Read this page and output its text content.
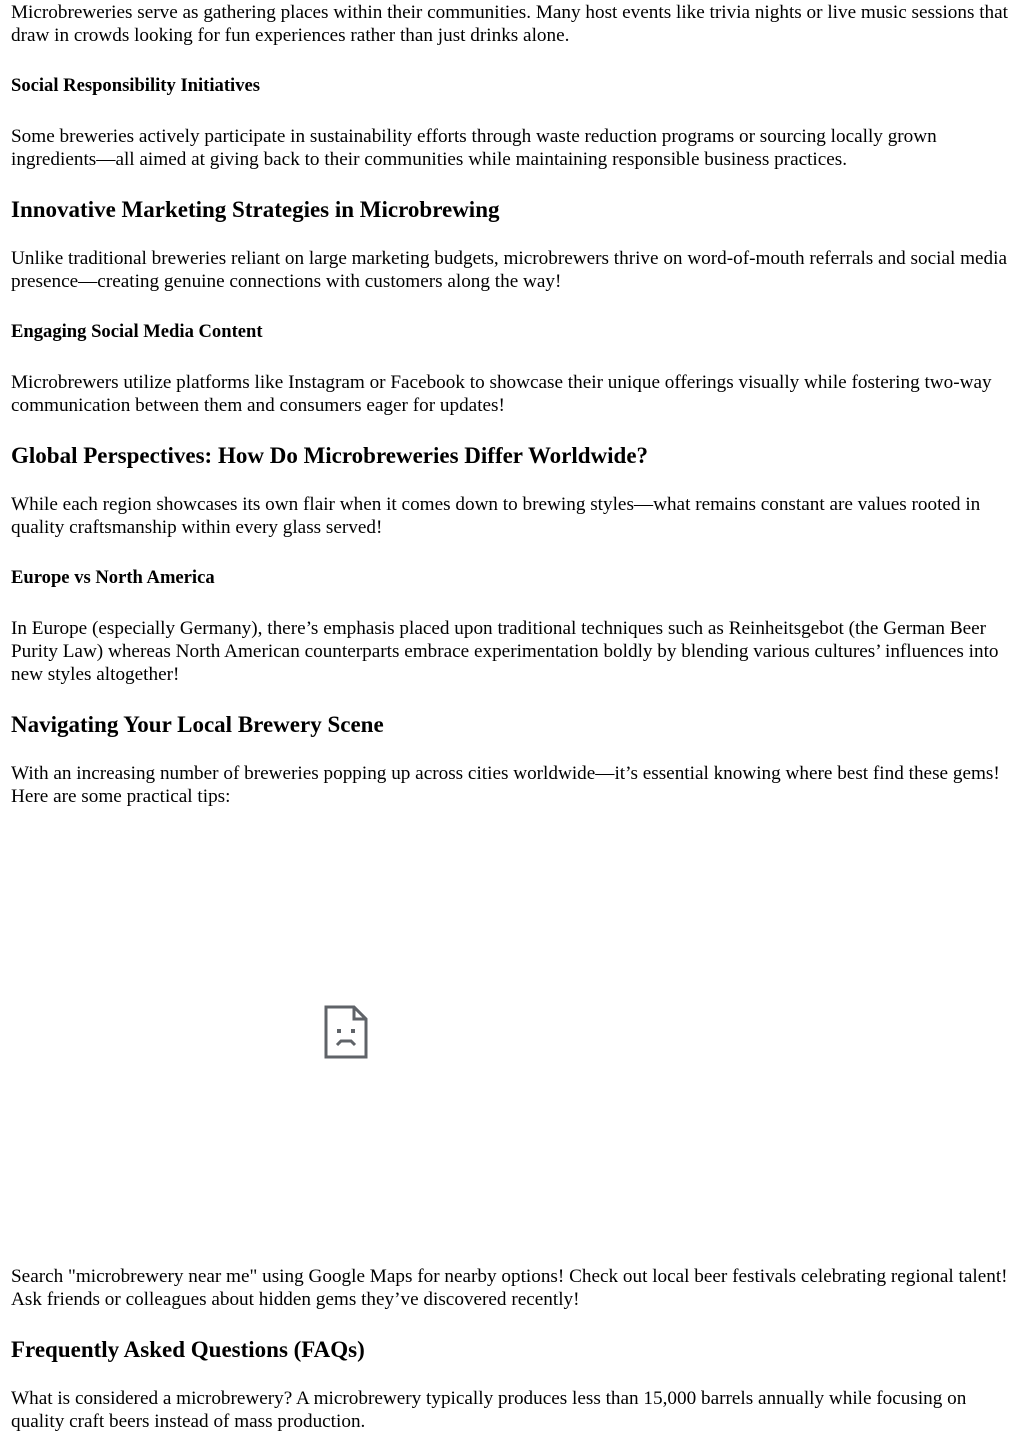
Microbreweries serve as gathering places within their communities. Many host events like trivia nights or live music sessions that draw in crowds looking for fun experiences rather than just drinks alone.

Social Responsibility Initiatives

Some breweries actively participate in sustainability efforts through waste reduction programs or sourcing locally grown ingredients—all aimed at giving back to their communities while maintaining responsible business practices.

Innovative Marketing Strategies in Microbrewing

Unlike traditional breweries reliant on large marketing budgets, microbrewers thrive on word-of-mouth referrals and social media presence—creating genuine connections with customers along the way!

Engaging Social Media Content

Microbrewers utilize platforms like Instagram or Facebook to showcase their unique offerings visually while fostering two-way communication between them and consumers eager for updates!

Global Perspectives: How Do Microbreweries Differ Worldwide?

While each region showcases its own flair when it comes down to brewing styles—what remains constant are values rooted in quality craftsmanship within every glass served!

Europe vs North America

In Europe (especially Germany), there’s emphasis placed upon traditional techniques such as Reinheitsgebot (the German Beer Purity Law) whereas North American counterparts embrace experimentation boldly by blending various cultures’ influences into new styles altogether!

Navigating Your Local Brewery Scene

With an increasing number of breweries popping up across cities worldwide—it’s essential knowing where best find these gems! Here are some practical tips:

Search "microbrewery near me" using Google Maps for nearby options! Check out local beer festivals celebrating regional talent! Ask friends or colleagues about hidden gems they’ve discovered recently!

Frequently Asked Questions (FAQs)

What is considered a microbrewery? A microbrewery typically produces less than 15,000 barrels annually while focusing on quality craft beers instead of mass production.
